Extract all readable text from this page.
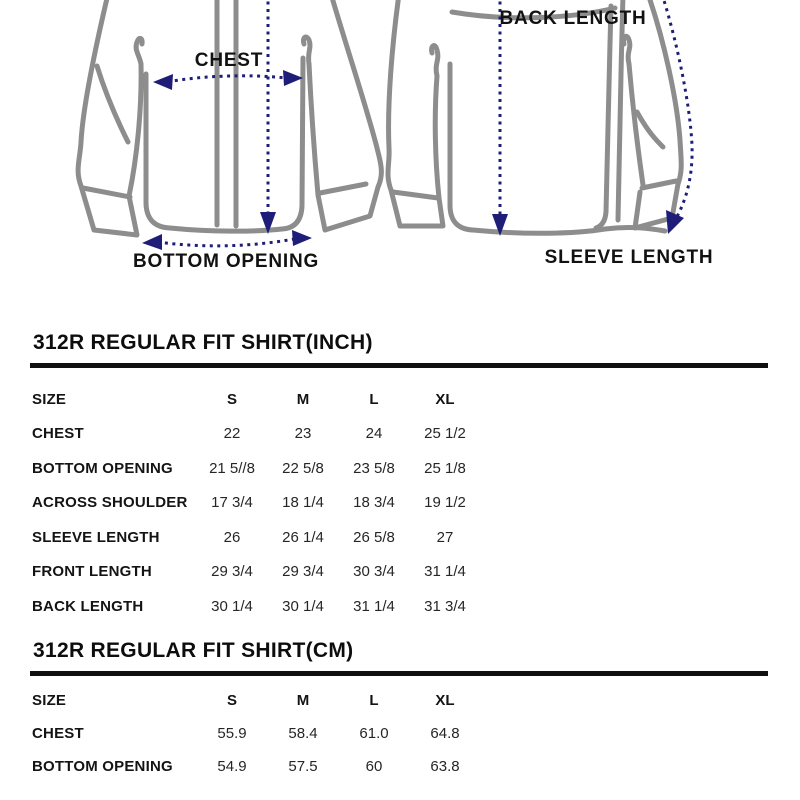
CHEST
BOTTOM OPENING
BACK LENGTH
SLEEVE LENGTH
312R REGULAR FIT SHIRT(INCH)
SIZE	S	M	L	XL
CHEST	22	23	24	25 1/2
BOTTOM OPENING	21 5//8	22 5/8	23 5/8	25 1/8
ACROSS SHOULDER	17 3/4	18 1/4	18 3/4	19 1/2
SLEEVE LENGTH	26	26 1/4	26 5/8	27
FRONT LENGTH	29 3/4	29 3/4	30 3/4	31 1/4
BACK LENGTH	30 1/4	30 1/4	31 1/4	31 3/4
312R REGULAR FIT SHIRT(CM)
SIZE	S	M	L	XL
CHEST	55.9	58.4	61.0	64.8
BOTTOM OPENING	54.9	57.5	60	63.8
